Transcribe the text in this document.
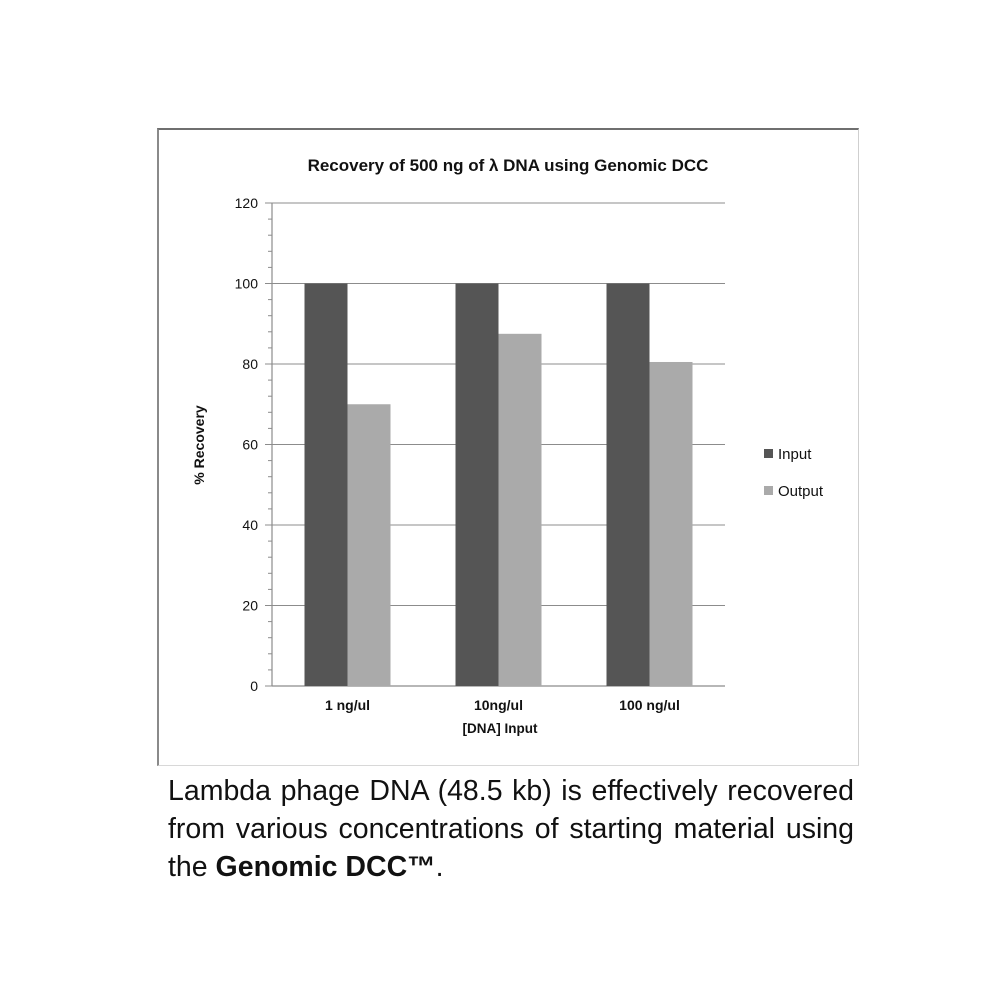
Recovery of 500 ng of λ DNA using Genomic DCC
0
20
40
60
80
100
120
1 ng/ul	10ng/ul	100 ng/ul
% Recovery
[DNA] Input
Input
Output

Lambda phage DNA (48.5 kb) is effectively recovered from various concentrations of starting material using the Genomic DCC™.
